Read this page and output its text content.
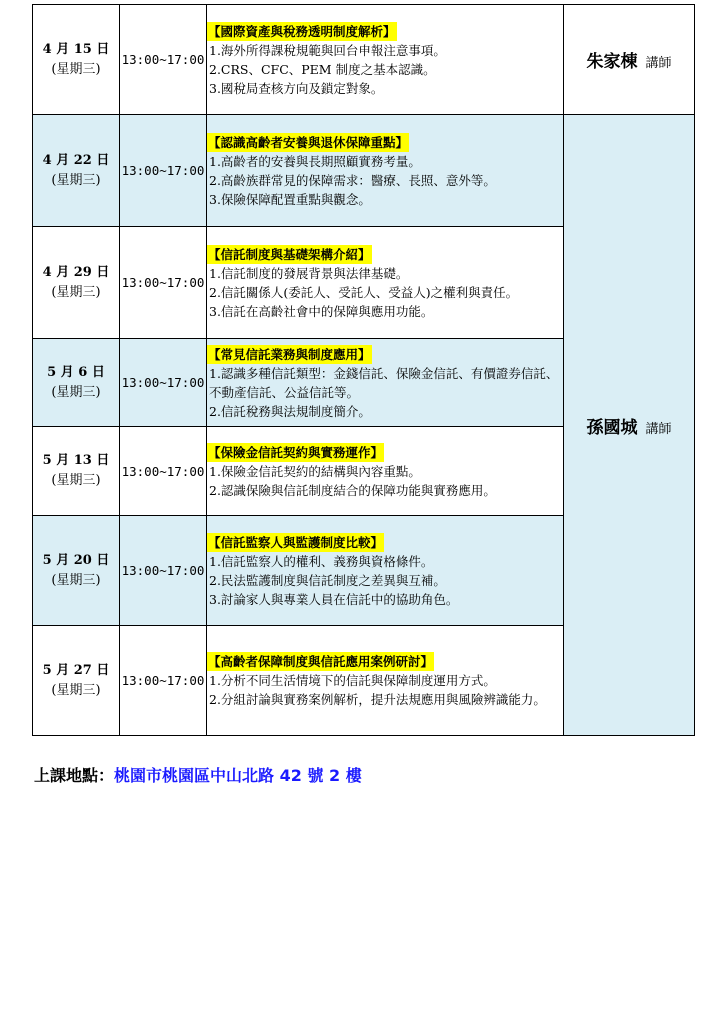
4 月 15 日
(星期三)	13:00~17:00	【國際資產與稅務透明制度解析】
1.海外所得課稅規範與回台申報注意事項。
2.CRS、CFC、PEM 制度之基本認識。
3.國稅局查核方向及鎖定對象。	朱家棟 講師

4 月 22 日
(星期三)	13:00~17:00	【認識高齡者安養與退休保障重點】
1.高齡者的安養與長期照顧實務考量。
2.高齡族群常見的保障需求：醫療、長照、意外等。
3.保險保障配置重點與觀念。	孫國城 講師

4 月 29 日
(星期三)	13:00~17:00	【信託制度與基礎架構介紹】
1.信託制度的發展背景與法律基礎。
2.信託關係人(委託人、受託人、受益人)之權利與責任。
3.信託在高齡社會中的保障與應用功能。	

5 月 6 日
(星期三)	13:00~17:00	【常見信託業務與制度應用】
1.認識多種信託類型：金錢信託、保險金信託、有價證券信託、不動產信託、公益信託等。
2.信託稅務與法規制度簡介。	

5 月 13 日
(星期三)	13:00~17:00	【保險金信託契約與實務運作】
1.保險金信託契約的結構與內容重點。
2.認識保險與信託制度結合的保障功能與實務應用。	

5 月 20 日
(星期三)	13:00~17:00	【信託監察人與監護制度比較】
1.信託監察人的權利、義務與資格條件。
2.民法監護制度與信託制度之差異與互補。
3.討論家人與專業人員在信託中的協助角色。	

5 月 27 日
(星期三)	13:00~17:00	【高齡者保障制度與信託應用案例研討】
1.分析不同生活情境下的信託與保障制度運用方式。
2.分組討論與實務案例解析，提升法規應用與風險辨識能力。	
上課地點：桃園市桃園區中山北路 42 號 2 樓
